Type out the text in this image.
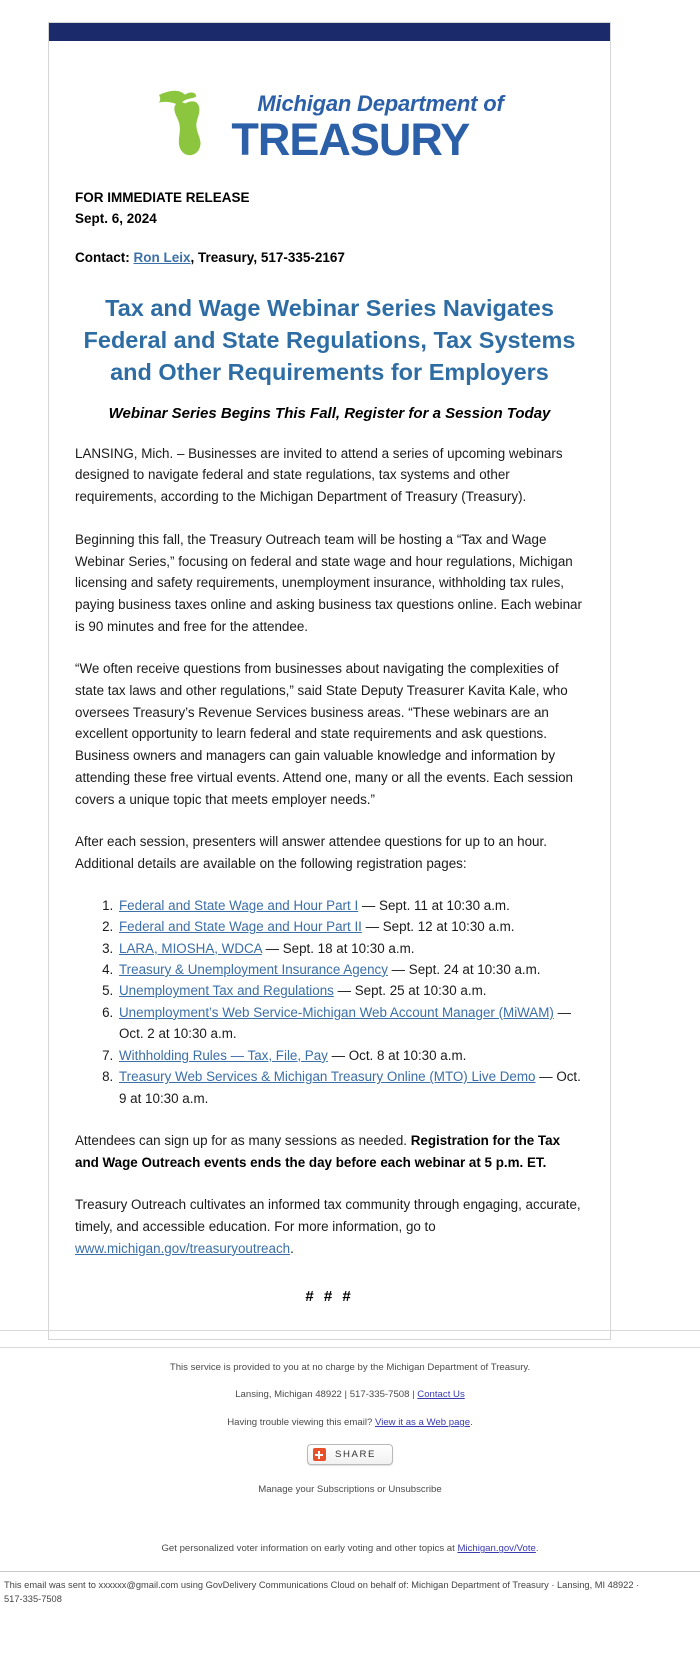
Michigan Department of
TREASURY
FOR IMMEDIATE RELEASE
Sept. 6, 2024
Contact: Ron Leix, Treasury, 517-335-2167
Tax and Wage Webinar Series Navigates Federal and State Regulations, Tax Systems and Other Requirements for Employers
Webinar Series Begins This Fall, Register for a Session Today

LANSING, Mich. – Businesses are invited to attend a series of upcoming webinars designed to navigate federal and state regulations, tax systems and other requirements, according to the Michigan Department of Treasury (Treasury).

Beginning this fall, the Treasury Outreach team will be hosting a “Tax and Wage Webinar Series,” focusing on federal and state wage and hour regulations, Michigan licensing and safety requirements, unemployment insurance, withholding tax rules, paying business taxes online and asking business tax questions online. Each webinar is 90 minutes and free for the attendee.

“We often receive questions from businesses about navigating the complexities of state tax laws and other regulations,” said State Deputy Treasurer Kavita Kale, who oversees Treasury’s Revenue Services business areas. “These webinars are an excellent opportunity to learn federal and state requirements and ask questions. Business owners and managers can gain valuable knowledge and information by attending these free virtual events. Attend one, many or all the events. Each session covers a unique topic that meets employer needs.”

After each session, presenters will answer attendee questions for up to an hour. Additional details are available on the following registration pages:

1. Federal and State Wage and Hour Part I — Sept. 11 at 10:30 a.m.
2. Federal and State Wage and Hour Part II — Sept. 12 at 10:30 a.m.
3. LARA, MIOSHA, WDCA — Sept. 18 at 10:30 a.m.
4. Treasury & Unemployment Insurance Agency — Sept. 24 at 10:30 a.m.
5. Unemployment Tax and Regulations — Sept. 25 at 10:30 a.m.
6. Unemployment’s Web Service-Michigan Web Account Manager (MiWAM) — Oct. 2 at 10:30 a.m.
7. Withholding Rules — Tax, File, Pay — Oct. 8 at 10:30 a.m.
8. Treasury Web Services & Michigan Treasury Online (MTO) Live Demo — Oct. 9 at 10:30 a.m.

Attendees can sign up for as many sessions as needed. Registration for the Tax and Wage Outreach events ends the day before each webinar at 5 p.m. ET.

Treasury Outreach cultivates an informed tax community through engaging, accurate, timely, and accessible education. For more information, go to www.michigan.gov/treasuryoutreach.

# # #
This service is provided to you at no charge by the Michigan Department of Treasury.
Lansing, Michigan 48922 | 517-335-7508 | Contact Us
Having trouble viewing this email? View it as a Web page.
SHARE
Manage your Subscriptions or Unsubscribe
Get personalized voter information on early voting and other topics at Michigan.gov/Vote.
This email was sent to xxxxxx@gmail.com using GovDelivery Communications Cloud on behalf of: Michigan Department of Treasury · Lansing, MI 48922 ·
517-335-7508
